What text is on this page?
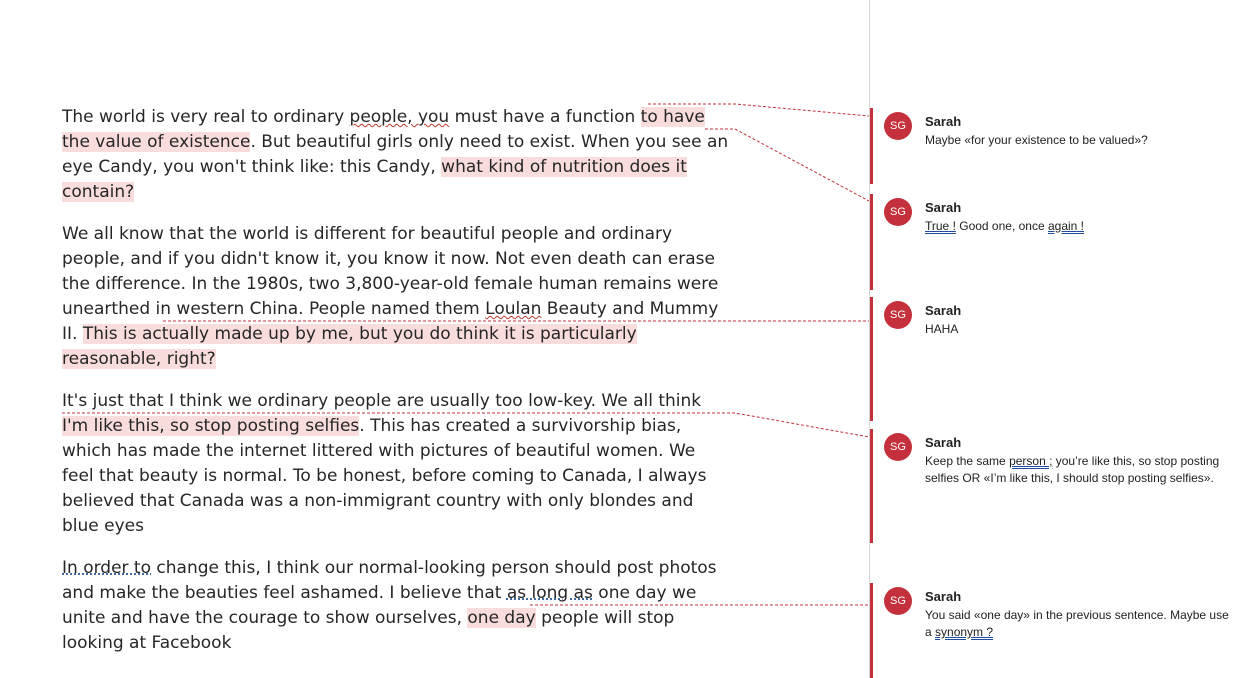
The world is very real to ordinary people, you must have a function to have the value of existence. But beautiful girls only need to exist. When you see an eye Candy, you won't think like: this Candy, what kind of nutrition does it contain?

We all know that the world is different for beautiful people and ordinary people, and if you didn't know it, you know it now. Not even death can erase the difference. In the 1980s, two 3,800-year-old female human remains were unearthed in western China. People named them Loulan Beauty and Mummy II. This is actually made up by me, but you do think it is particularly reasonable, right?

It's just that I think we ordinary people are usually too low-key. We all think I'm like this, so stop posting selfies. This has created a survivorship bias, which has made the internet littered with pictures of beautiful women. We feel that beauty is normal. To be honest, before coming to Canada, I always believed that Canada was a non-immigrant country with only blondes and blue eyes

In order to change this, I think our normal-looking person should post photos and make the beauties feel ashamed. I believe that as long as one day we unite and have the courage to show ourselves, one day people will stop looking at Facebook

SG	Sarah
Maybe «for your existence to be valued»?
SG	Sarah
True ! Good one, once again !
SG	Sarah
HAHA
SG	Sarah
Keep the same person ; you’re like this, so stop posting selfies OR «I’m like this, I should stop posting selfies».
SG	Sarah
You said «one day» in the previous sentence. Maybe use a synonym ?
